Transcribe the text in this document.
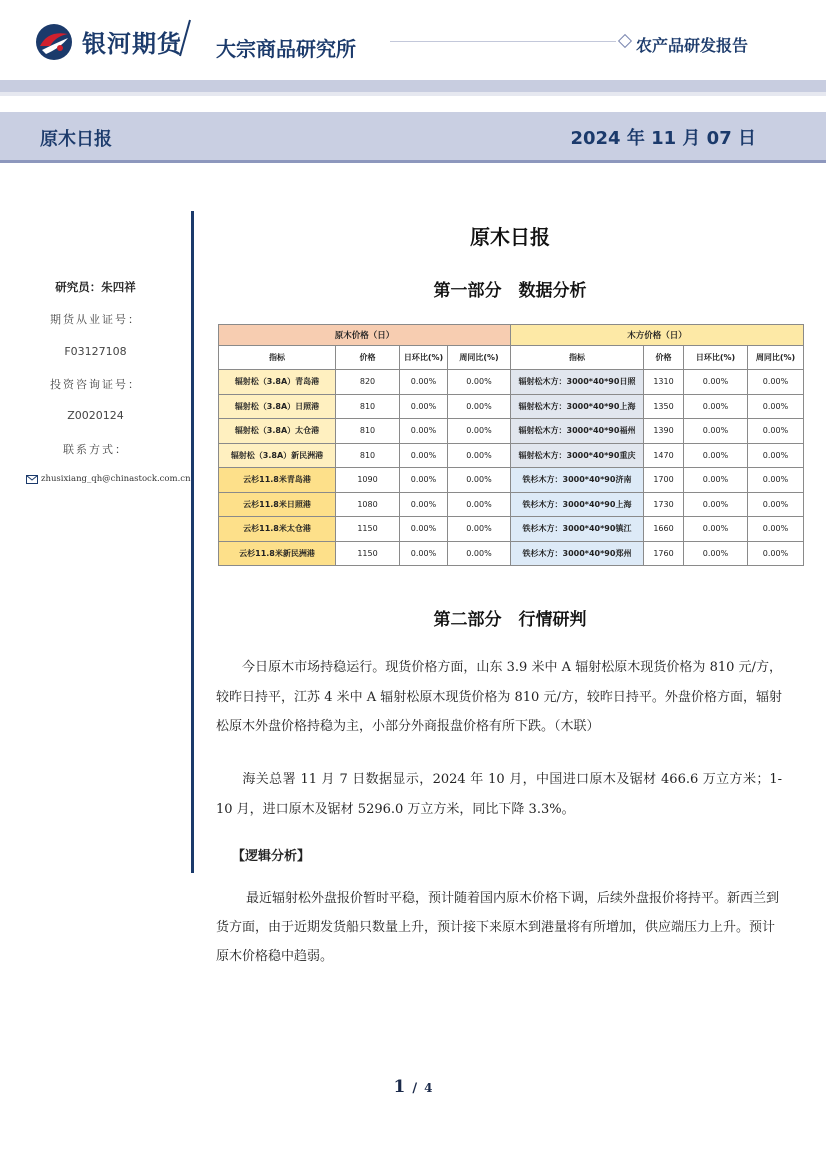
银河期货 大宗商品研究所	农产品研发报告
原木日报	2024 年 11 月 07 日
研究员：朱四祥
期货从业证号：
F03127108
投资咨询证号：
Z0020124
联系方式：
zhusixiang_qh@chinastock.com.cn
原木日报
第一部分　数据分析
原木价格（日）				木方价格（日）			
指标	价格	日环比(%)	周同比(%)	指标	价格	日环比(%)	周同比(%)
辐射松（3.8A）青岛港	820	0.00%	0.00%	辐射松木方：3000*40*90日照	1310	0.00%	0.00%
辐射松（3.8A）日照港	810	0.00%	0.00%	辐射松木方：3000*40*90上海	1350	0.00%	0.00%
辐射松（3.8A）太仓港	810	0.00%	0.00%	辐射松木方：3000*40*90福州	1390	0.00%	0.00%
辐射松（3.8A）新民洲港	810	0.00%	0.00%	辐射松木方：3000*40*90重庆	1470	0.00%	0.00%
云杉11.8米青岛港	1090	0.00%	0.00%	铁杉木方：3000*40*90济南	1700	0.00%	0.00%
云杉11.8米日照港	1080	0.00%	0.00%	铁杉木方：3000*40*90上海	1730	0.00%	0.00%
云杉11.8米太仓港	1150	0.00%	0.00%	铁杉木方：3000*40*90镇江	1660	0.00%	0.00%
云杉11.8米新民洲港	1150	0.00%	0.00%	铁杉木方：3000*40*90郑州	1760	0.00%	0.00%
第二部分　行情研判
今日原木市场持稳运行。现货价格方面，山东 3.9 米中 A 辐射松原木现货价格为 810 元/方，较昨日持平，江苏 4 米中 A 辐射松原木现货价格为 810 元/方，较昨日持平。外盘价格方面，辐射松原木外盘价格持稳为主，小部分外商报盘价格有所下跌。（木联）
海关总署 11 月 7 日数据显示，2024 年 10 月，中国进口原木及锯材 466.6 万立方米；1-10 月，进口原木及锯材 5296.0 万立方米，同比下降 3.3%。
【逻辑分析】
最近辐射松外盘报价暂时平稳，预计随着国内原木价格下调，后续外盘报价将持平。新西兰到货方面，由于近期发货船只数量上升，预计接下来原木到港量将有所增加，供应端压力上升。预计原木价格稳中趋弱。
1 / 4
